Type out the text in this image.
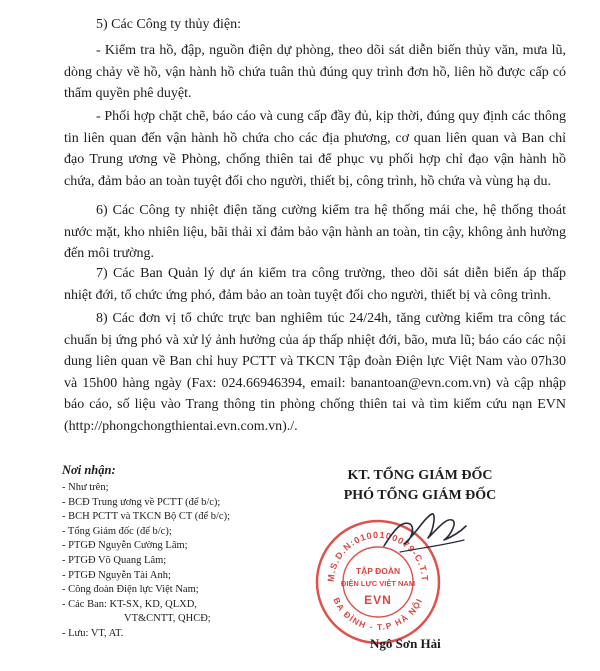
5) Các Công ty thủy điện:

- Kiểm tra hồ, đập, nguồn điện dự phòng, theo dõi sát diễn biến thủy văn, mưa lũ, dòng chảy về hồ, vận hành hồ chứa tuân thủ đúng quy trình đơn hồ, liên hồ được cấp có thẩm quyền phê duyệt.

- Phối hợp chặt chẽ, báo cáo và cung cấp đầy đủ, kịp thời, đúng quy định các thông tin liên quan đến vận hành hồ chứa cho các địa phương, cơ quan liên quan và Ban chỉ đạo Trung ương về Phòng, chống thiên tai để phục vụ phối hợp chỉ đạo vận hành hồ chứa, đảm bảo an toàn tuyệt đối cho người, thiết bị, công trình, hồ chứa và vùng hạ du.

6) Các Công ty nhiệt điện tăng cường kiểm tra hệ thống mái che, hệ thống thoát nước mặt, kho nhiên liệu, bãi thải xỉ đảm bảo vận hành an toàn, tin cậy, không ảnh hưởng đến môi trường.

7) Các Ban Quản lý dự án kiểm tra công trường, theo dõi sát diễn biến áp thấp nhiệt đới, tổ chức ứng phó, đảm bảo an toàn tuyệt đối cho người, thiết bị và công trình.

8) Các đơn vị tổ chức trực ban nghiêm túc 24/24h, tăng cường kiểm tra công tác chuẩn bị ứng phó và xử lý ảnh hưởng của áp thấp nhiệt đới, bão, mưa lũ; báo cáo các nội dung liên quan về Ban chỉ huy PCTT và TKCN Tập đoàn Điện lực Việt Nam vào 07h30 và 15h00 hàng ngày (Fax: 024.66946394, email: banantoan@evn.com.vn) và cập nhập báo cáo, số liệu vào Trang thông tin phòng chống thiên tai và tìm kiếm cứu nạn EVN (http://phongchongthientai.evn.com.vn)./.

Nơi nhận:

- Như trên;
- BCĐ Trung ương về PCTT (để b/c);
- BCH PCTT và TKCN Bộ CT (để b/c);
- Tổng Giám đốc (để b/c);
- PTGĐ Nguyễn Cường Lâm;
- PTGĐ Võ Quang Lâm;
- PTGĐ Nguyễn Tài Anh;
- Công đoàn Điện lực Việt Nam;
- Các Ban: KT-SX, KD, QLXD,
VT&CNTT, QHCĐ;
- Lưu: VT, AT.

KT. TỔNG GIÁM ĐỐC

PHÓ TỔNG GIÁM ĐỐC

M.S.D.N:0100100079-C.T.T
BA ĐÌNH - T.P HÀ NỘI
TẬP ĐOÀN
ĐIỆN LỰC VIỆT NAM
EVN
Ngô Sơn Hải
